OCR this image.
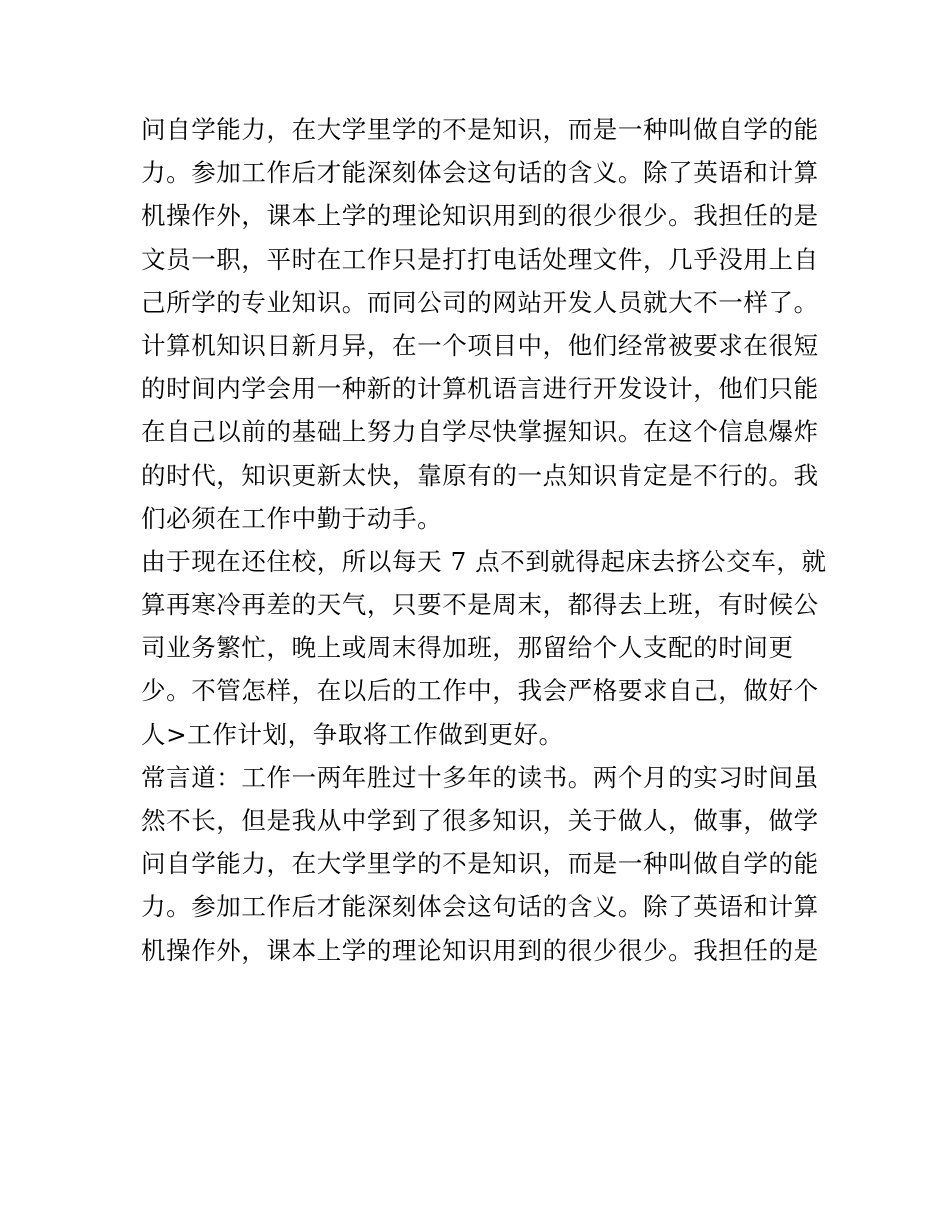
问自学能力，在大学里学的不是知识，而是一种叫做自学的能
力。参加工作后才能深刻体会这句话的含义。除了英语和计算
机操作外，课本上学的理论知识用到的很少很少。我担任的是
文员一职，平时在工作只是打打电话处理文件，几乎没用上自
己所学的专业知识。而同公司的网站开发人员就大不一样了。
计算机知识日新月异，在一个项目中，他们经常被要求在很短
的时间内学会用一种新的计算机语言进行开发设计，他们只能
在自己以前的基础上努力自学尽快掌握知识。在这个信息爆炸
的时代，知识更新太快，靠原有的一点知识肯定是不行的。我
们必须在工作中勤于动手。
由于现在还住校，所以每天 7 点不到就得起床去挤公交车，就
算再寒冷再差的天气，只要不是周末，都得去上班，有时候公
司业务繁忙，晚上或周末得加班，那留给个人支配的时间更
少。不管怎样，在以后的工作中，我会严格要求自己，做好个
人>工作计划，争取将工作做到更好。
常言道：工作一两年胜过十多年的读书。两个月的实习时间虽
然不长，但是我从中学到了很多知识，关于做人，做事，做学
问自学能力，在大学里学的不是知识，而是一种叫做自学的能
力。参加工作后才能深刻体会这句话的含义。除了英语和计算
机操作外，课本上学的理论知识用到的很少很少。我担任的是
